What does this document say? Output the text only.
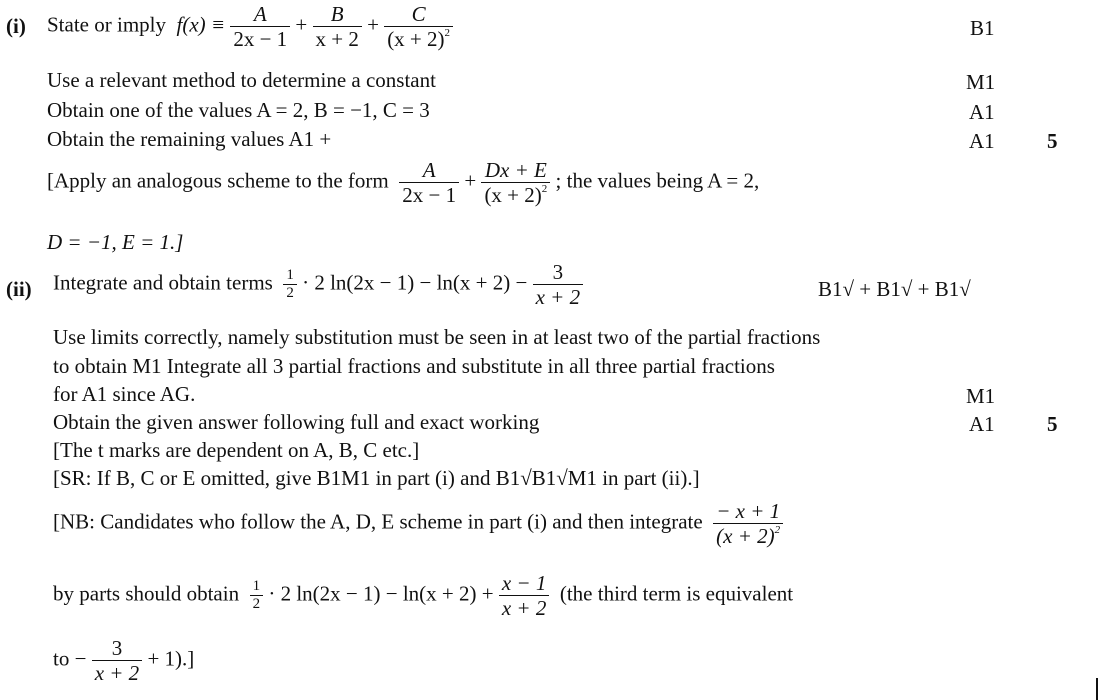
(i) State or imply $f(x) \equiv \frac{A}{2x - 1} + \frac{B}{x + 2} + \frac{C}{(x + 2)^2}$
Use a relevant method to determine a constant
Obtain one of the values A = 2, B = −1, C = 3
Obtain the remaining values A1 +
[Apply an analogous scheme to the form $\frac{A}{2x - 1} + \frac{Dx + E}{(x + 2)^2}$ ; the values being A = 2,
D = −1, E = 1.]
B1
M1
A1
A1 5
(ii) Integrate and obtain terms $\frac{1}{2} \cdot 2$ $\ln(2x - 1) - \ln(x + 2) - \frac{3}{x + 2}$	B1√ + B1√ + B1√
Use limits correctly, namely substitution must be seen in at least two of the partial fractions
to obtain M1 Integrate all 3 partial fractions and substitute in all three partial fractions
for A1 since AG.
Obtain the given answer following full and exact working
[The t marks are dependent on A, B, C etc.]
[SR: If B, C or E omitted, give B1M1 in part (i) and B1√B1√M1 in part (ii).]
M1
A1 5
[NB: Candidates who follow the A, D, E scheme in part (i) and then integrate $\frac{- x + 1}{(x + 2)^2}$
by parts should obtain $\frac{1}{2} \cdot 2$ $\ln(2x - 1) - \ln(x + 2) + \frac{x - 1}{x + 2} (the$ third term is equivalent
to − $\frac{3}{x + 2} + 1$).]
